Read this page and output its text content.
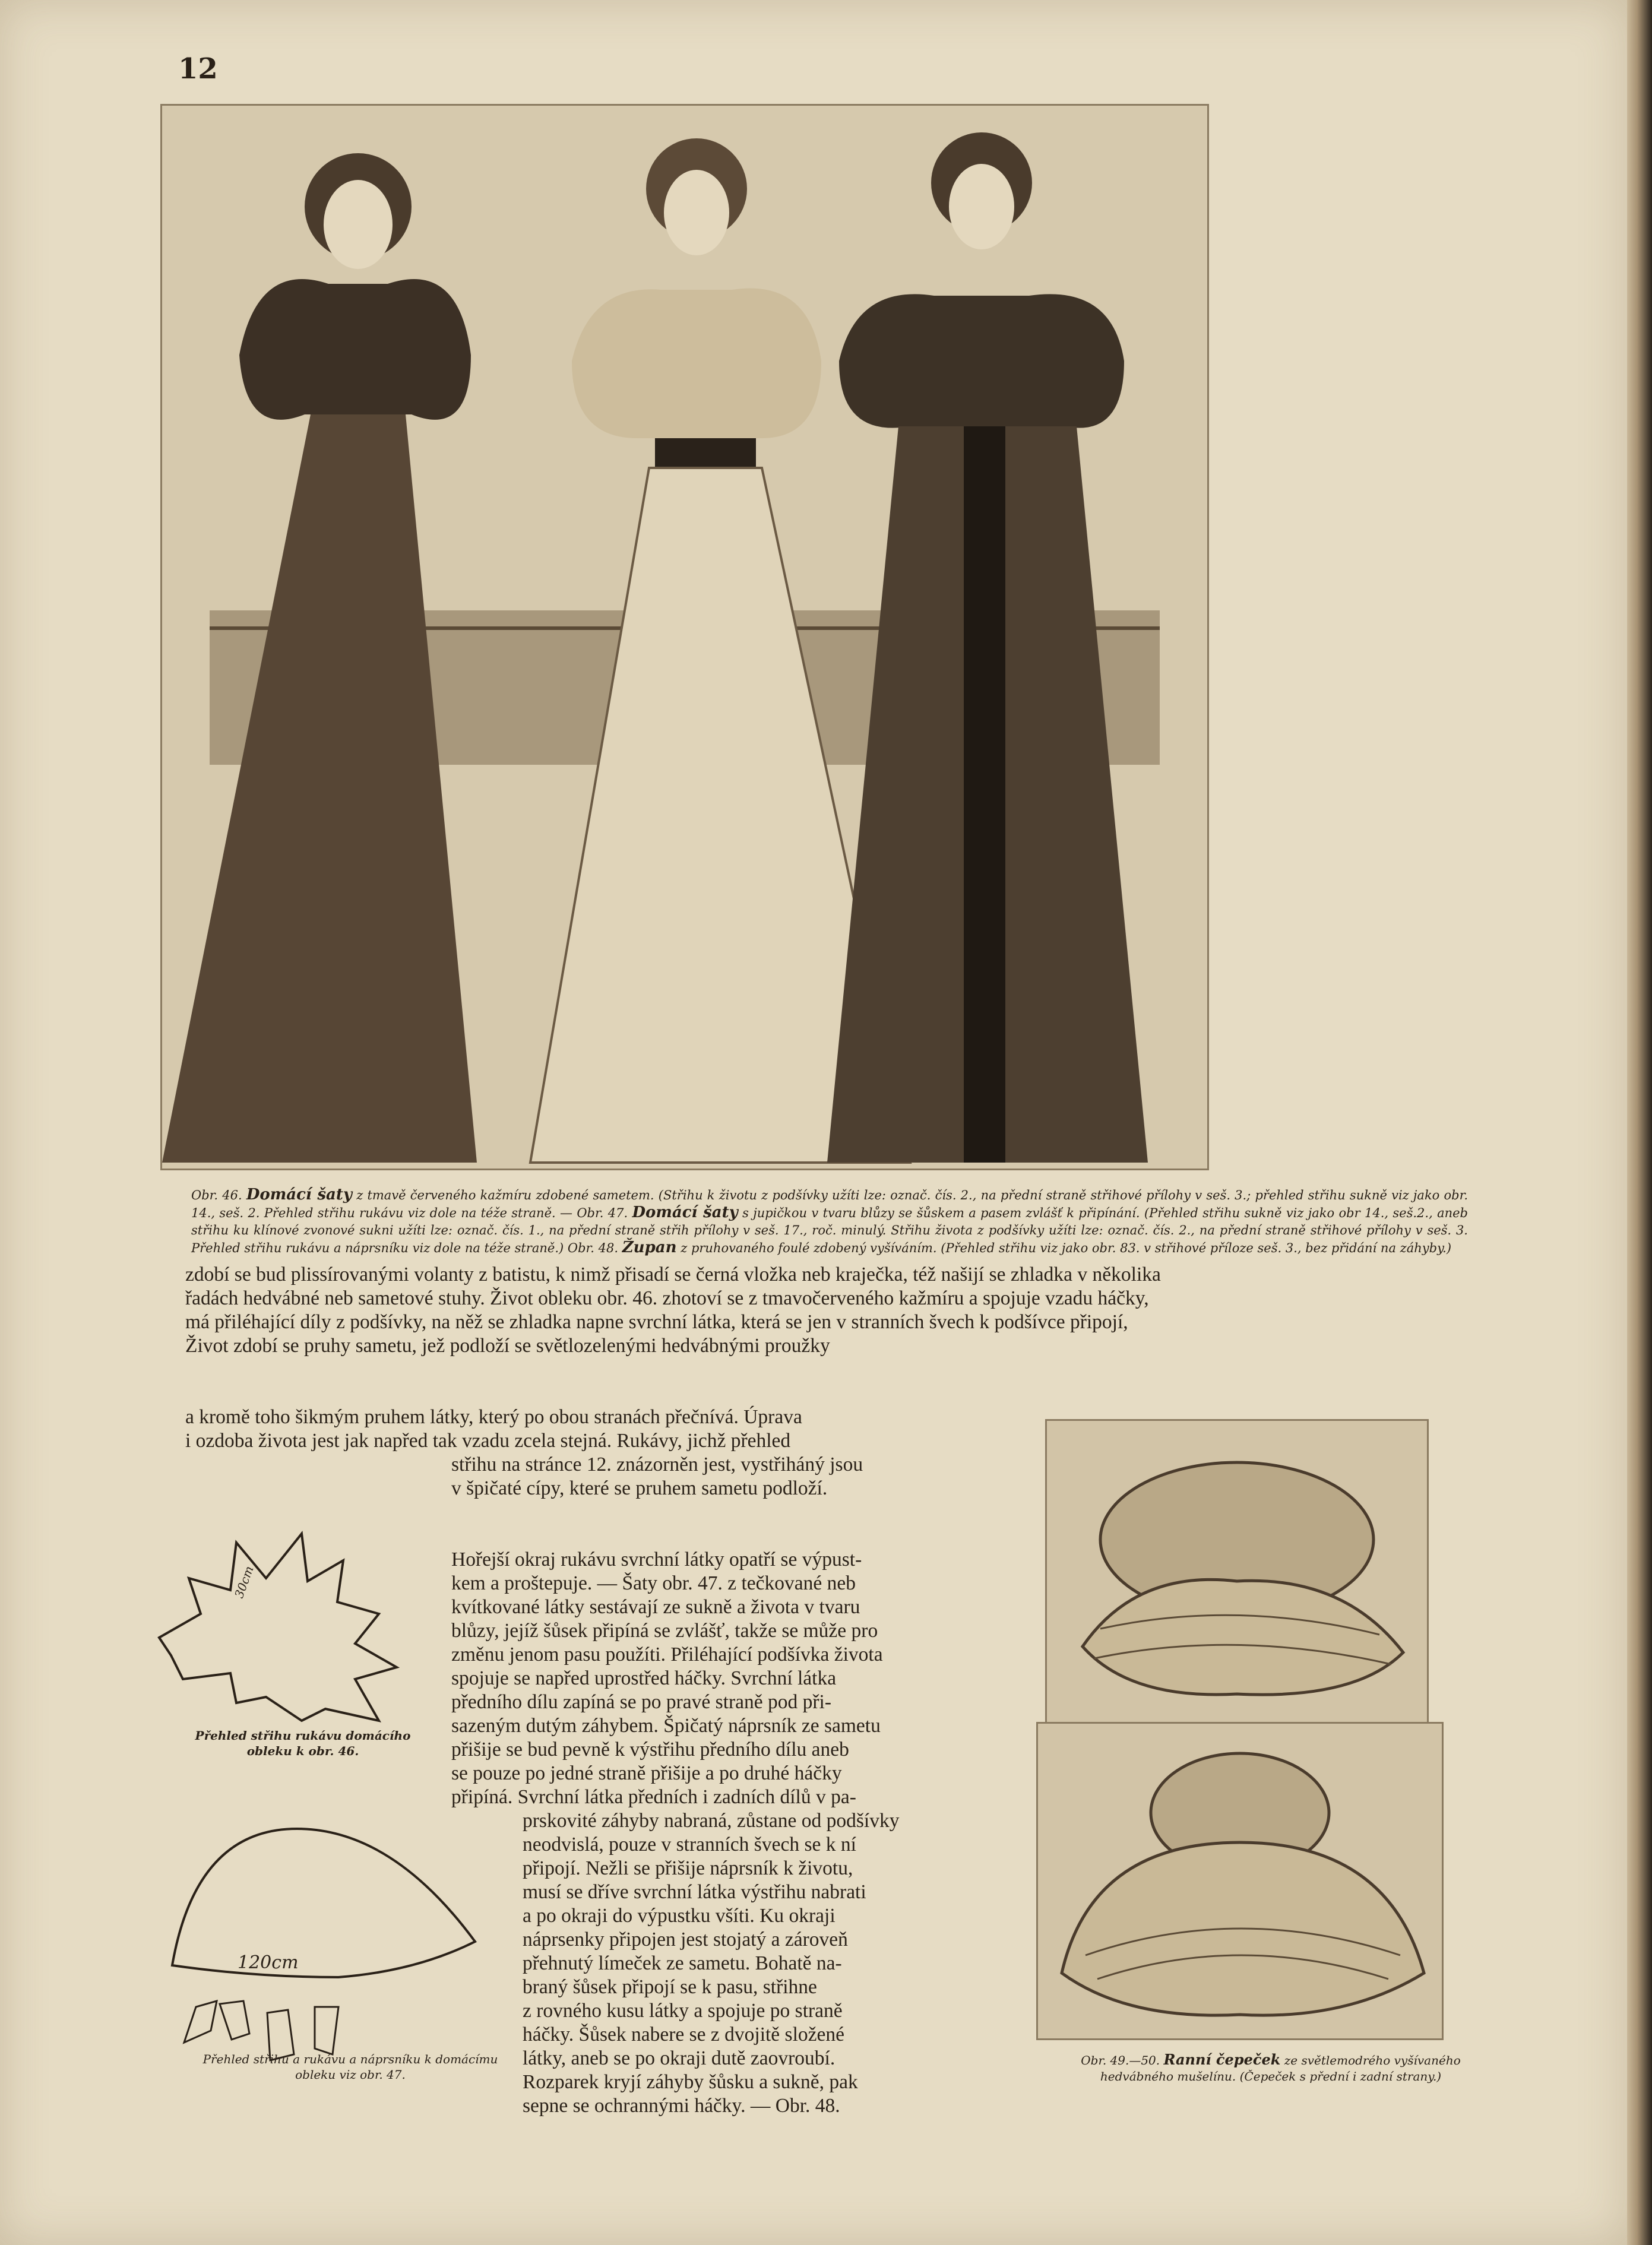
12
Obr. 46. Domácí šaty z tmavě červeného kažmíru zdobené sametem. (Střihu k životu z podšívky užíti lze: označ. čís. 2., na přední straně střihové přílohy v seš. 3.; přehled střihu sukně viz jako obr. 14., seš. 2. Přehled střihu rukávu viz dole na téže straně. — Obr. 47. Domácí šaty s jupičkou v tvaru blůzy se šůskem a pasem zvlášť k připínání. (Přehled střihu sukně viz jako obr 14., seš.2., aneb střihu ku klínové zvonové sukni užíti lze: označ. čís. 1., na přední straně střih přílohy v seš. 17., roč. minulý. Střihu života z podšívky užíti lze: označ. čís. 2., na přední straně střihové přílohy v seš. 3. Přehled střihu rukávu a náprsníku viz dole na téže straně.) Obr. 48. Župan z pruhovaného foulé zdobený vyšíváním. (Přehled střihu viz jako obr. 83. v střihové příloze seš. 3., bez přidání na záhyby.)
zdobí se bud plissírovanými volanty z batistu, k nimž přisadí se černá vložka neb kraječka, též našijí se zhladka v několika
řadách hedvábné neb sametové stuhy. Život obleku obr. 46. zhotoví se z tmavočerveného kažmíru a spojuje vzadu háčky,
má přiléhající díly z podšívky, na něž se zhladka napne svrchní látka, která se jen v stranních švech k podšívce připojí,
Život zdobí se pruhy sametu, jež podloží se světlozelenými hedvábnými proužky
a kromě toho šikmým pruhem látky, který po obou stranách přečnívá. Úprava
i ozdoba života jest jak napřed tak vzadu zcela stejná. Rukávy, jichž přehled
střihu na stránce 12. znázorněn jest, vystřiháný jsou
v špičaté cípy, které se pruhem sametu podloží.
Hořejší okraj rukávu svrchní látky opatří se výpust-
kem a proštepuje. — Šaty obr. 47. z tečkované neb
kvítkované látky sestávají ze sukně a života v tvaru
blůzy, jejíž šůsek připíná se zvlášť, takže se může pro
změnu jenom pasu použíti. Přiléhající podšívka života
spojuje se napřed uprostřed háčky. Svrchní látka
předního dílu zapíná se po pravé straně pod při-
sazeným dutým záhybem. Špičatý náprsník ze sametu
přišije se bud pevně k výstřihu předního dílu aneb
se pouze po jedné straně přišije a po druhé háčky
připíná. Svrchní látka předních i zadních dílů v pa-
prskovité záhyby nabraná, zůstane od podšívky
neodvislá, pouze v stranních švech se k ní
připojí. Nežli se přišije náprsník k životu,
musí se dříve svrchní látka výstřihu nabrati
a po okraji do výpustku všíti. Ku okraji
náprsenky připojen jest stojatý a zároveň
přehnutý límeček ze sametu. Bohatě na-
braný šůsek připojí se k pasu, střihne
z rovného kusu látky a spojuje po straně
háčky. Šůsek nabere se z dvojitě složené
látky, aneb se po okraji dutě zaovroubí.
Rozparek kryjí záhyby šůsku a sukně, pak
sepne se ochrannými háčky. — Obr. 48.
30cm
Přehled střihu rukávu domácího obleku k obr. 46.
120cm
Přehled střihu a rukávu a náprsníku k domácímu obleku viz obr. 47.
Obr. 49.—50. Ranní čepeček ze světlemodrého vyšívaného hedvábného mušelínu. (Čepeček s přední i zadní strany.)
